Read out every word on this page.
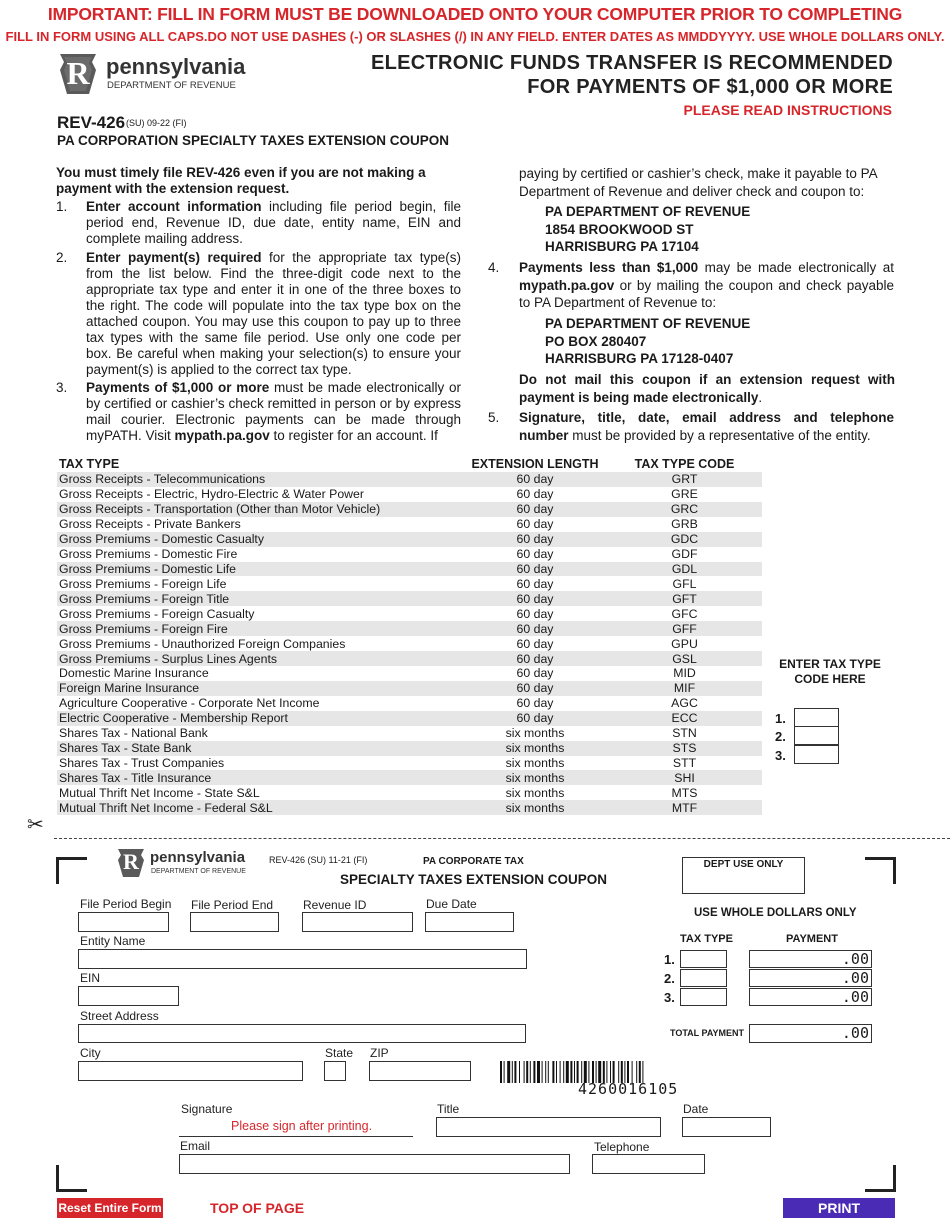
IMPORTANT: FILL IN FORM MUST BE DOWNLOADED ONTO YOUR COMPUTER PRIOR TO COMPLETING
FILL IN FORM USING ALL CAPS.DO NOT USE DASHES (-) OR SLASHES (/) IN ANY FIELD. ENTER DATES AS MMDDYYYY. USE WHOLE DOLLARS ONLY.
R pennsylvania
DEPARTMENT OF REVENUE
ELECTRONIC FUNDS TRANSFER IS RECOMMENDED
FOR PAYMENTS OF $1,000 OR MORE
PLEASE READ INSTRUCTIONS
REV-426 (SU) 09-22 (FI)
PA CORPORATION SPECIALTY TAXES EXTENSION COUPON
You must timely file REV-426 even if you are not making a payment with the extension request.
1. Enter account information including file period begin, file period end, Revenue ID, due date, entity name, EIN and complete mailing address.
2. Enter payment(s) required for the appropriate tax type(s) from the list below. Find the three-digit code next to the appropriate tax type and enter it in one of the three boxes to the right. The code will populate into the tax type box on the attached coupon. You may use this coupon to pay up to three tax types with the same file period. Use only one code per box. Be careful when making your selection(s) to ensure your payment(s) is applied to the correct tax type.
3. Payments of $1,000 or more must be made electronically or by certified or cashier’s check remitted in person or by express mail courier. Electronic payments can be made through myPATH. Visit mypath.pa.gov to register for an account. If
paying by certified or cashier’s check, make it payable to PA Department of Revenue and deliver check and coupon to:
PA DEPARTMENT OF REVENUE
1854 BROOKWOOD ST
HARRISBURG PA 17104
4. Payments less than $1,000 may be made electronically at mypath.pa.gov or by mailing the coupon and check payable to PA Department of Revenue to:
PA DEPARTMENT OF REVENUE
PO BOX 280407
HARRISBURG PA 17128-0407
Do not mail this coupon if an extension request with payment is being made electronically.
5. Signature, title, date, email address and telephone number must be provided by a representative of the entity.
TAX TYPE	EXTENSION LENGTH	TAX TYPE CODE
Gross Receipts - Telecommunications	60 day	GRT
Gross Receipts - Electric, Hydro-Electric & Water Power	60 day	GRE
Gross Receipts - Transportation (Other than Motor Vehicle)	60 day	GRC
Gross Receipts - Private Bankers	60 day	GRB
Gross Premiums - Domestic Casualty	60 day	GDC
Gross Premiums - Domestic Fire	60 day	GDF
Gross Premiums - Domestic Life	60 day	GDL
Gross Premiums - Foreign Life	60 day	GFL
Gross Premiums - Foreign Title	60 day	GFT
Gross Premiums - Foreign Casualty	60 day	GFC
Gross Premiums - Foreign Fire	60 day	GFF
Gross Premiums - Unauthorized Foreign Companies	60 day	GPU
Gross Premiums - Surplus Lines Agents	60 day	GSL
Domestic Marine Insurance	60 day	MID
Foreign Marine Insurance	60 day	MIF
Agriculture Cooperative - Corporate Net Income	60 day	AGC
Electric Cooperative - Membership Report	60 day	ECC
Shares Tax - National Bank	six months	STN
Shares Tax - State Bank	six months	STS
Shares Tax - Trust Companies	six months	STT
Shares Tax - Title Insurance	six months	SHI
Mutual Thrift Net Income - State S&L	six months	MTS
Mutual Thrift Net Income - Federal S&L	six months	MTF
ENTER TAX TYPE
CODE HERE
1.
2.
3.
✂
R pennsylvania
DEPARTMENT OF REVENUE
REV-426 (SU) 11-21 (FI)	PA CORPORATE TAX
SPECIALTY TAXES EXTENSION COUPON
DEPT USE ONLY
USE WHOLE DOLLARS ONLY
TAX TYPE	PAYMENT
1.
2.
3.
.00
.00
.00
TOTAL PAYMENT	.00
File Period Begin File Period End Revenue ID	Due Date
Entity Name
EIN
Street Address
City	State ZIP
4260016105
Signature
Please sign after printing.
Title	Date
Email	Telephone
Reset Entire Form	TOP OF PAGE	PRINT
